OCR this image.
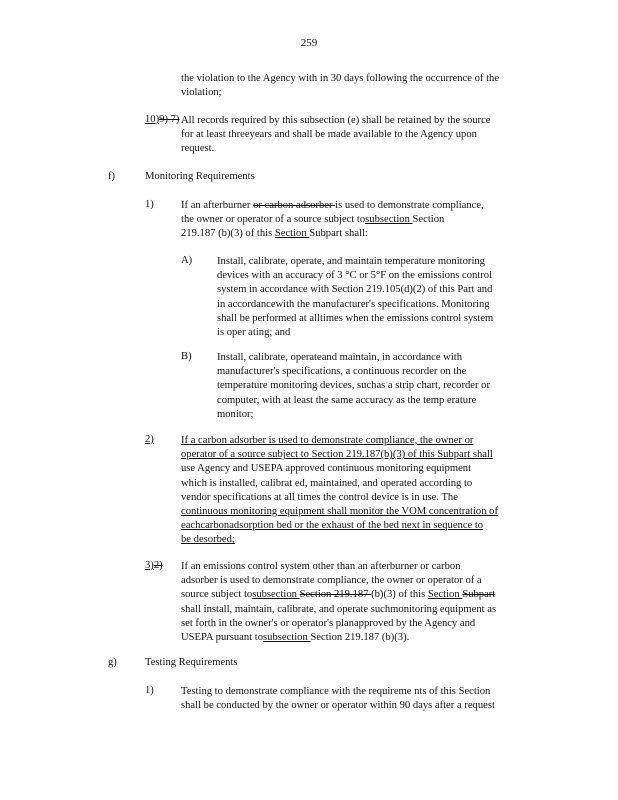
259
the violation to the Agency with in 30 days following the occurrence of the
violation;
10)9) 7) All records required by this subsection (e) shall be retained by the source
for at least threeyears and shall be made available to the Agency upon
request.
f)	Monitoring Requirements
1)	If an afterburner or carbon adsorber is used to demonstrate compliance,
the owner or operator of a source subject tosubsection Section
219.187 (b)(3) of this Section Subpart shall:
A) Install, calibrate, operate, and maintain temperature monitoring
devices with an accuracy of 3 °C or 5°F on the emissions control
system in accordance with Section 219.105(d)(2) of this Part and
in accordancewith the manufacturer's specifications. Monitoring
shall be performed at alltimes when the emissions control system
is oper ating; and
B) Install, calibrate, operateand maintain, in accordance with
manufacturer's specifications, a continuous recorder on the
temperature monitoring devices, suchas a strip chart, recorder or
computer, with at least the same accuracy as the temp erature
monitor;
2)	If a carbon adsorber is used to demonstrate compliance, the owner or
operator of a source subject to Section 219.187(b)(3) of this Subpart shall
use Agency and USEPA approved continuous monitoring equipment
which is installed, calibrat ed, maintained, and operated according to
vendor specifications at all times the control device is in use. The
continuous monitoring equipment shall monitor the VOM concentration of
eachcarbonadsorption bed or the exhaust of the bed next in sequence to
be desorbed;
3)2) If an emissions control system other than an afterburner or carbon
adsorber is used to demonstrate compliance, the owner or operator of a
source subject tosubsection Section 219.187 (b)(3) of this Section Subpart
shall install, maintain, calibrate, and operate suchmonitoring equipment as
set forth in the owner's or operator's planapproved by the Agency and
USEPA pursuant tosubsection Section 219.187 (b)(3).
g)	Testing Requirements
1)	Testing to demonstrate compliance with the requireme nts of this Section
shall be conducted by the owner or operator within 90 days after a request
